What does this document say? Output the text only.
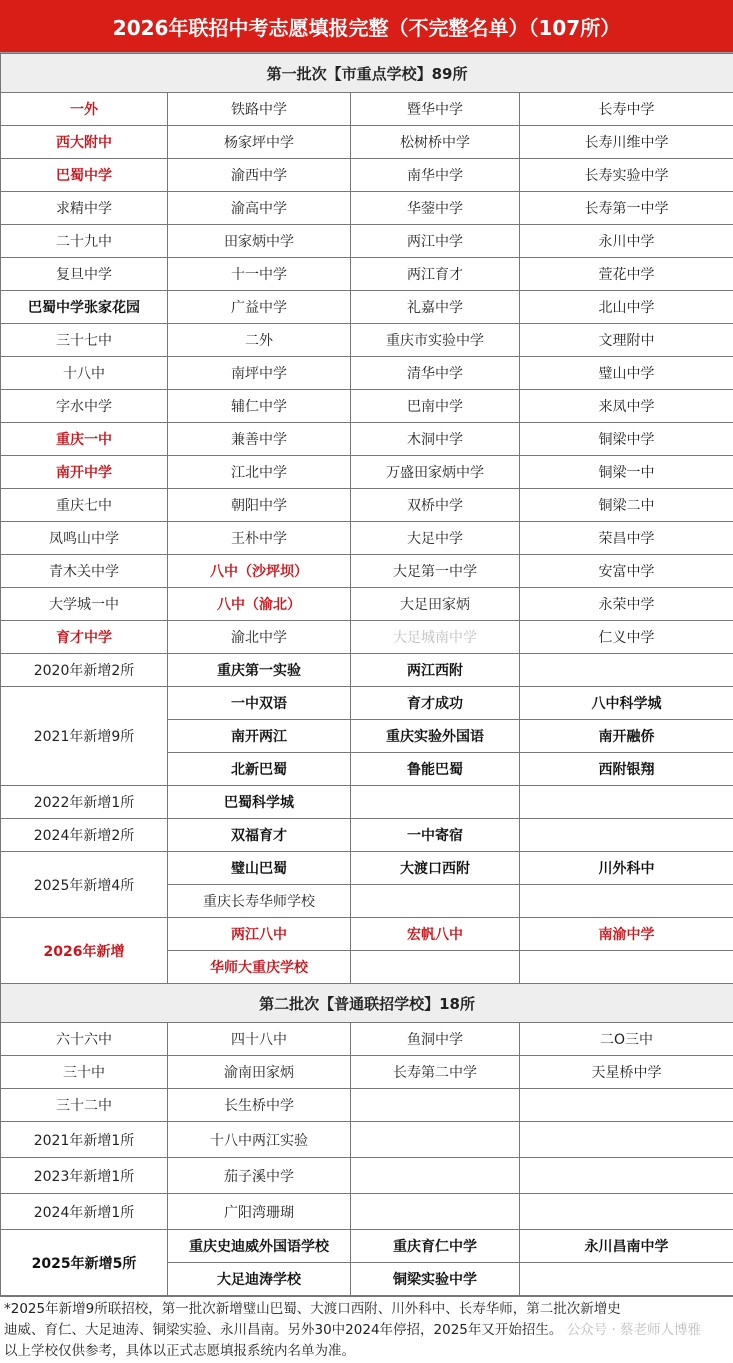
2026年联招中考志愿填报完整（不完整名单）（107所）
第一批次【市重点学校】89所			
一外	铁路中学	暨华中学	长寿中学
西大附中	杨家坪中学	松树桥中学	长寿川维中学
巴蜀中学	渝西中学	南华中学	长寿实验中学
求精中学	渝高中学	华蓥中学	长寿第一中学
二十九中	田家炳中学	两江中学	永川中学
复旦中学	十一中学	两江育才	萱花中学
巴蜀中学张家花园	广益中学	礼嘉中学	北山中学
三十七中	二外	重庆市实验中学	文理附中
十八中	南坪中学	清华中学	璧山中学
字水中学	辅仁中学	巴南中学	来凤中学
重庆一中	兼善中学	木洞中学	铜梁中学
南开中学	江北中学	万盛田家炳中学	铜梁一中
重庆七中	朝阳中学	双桥中学	铜梁二中
凤鸣山中学	王朴中学	大足中学	荣昌中学
青木关中学	八中（沙坪坝）	大足第一中学	安富中学
大学城一中	八中（渝北）	大足田家炳	永荣中学
育才中学	渝北中学	大足城南中学	仁义中学
2020年新增2所	重庆第一实验	两江西附	
2021年新增9所	一中双语	育才成功	八中科学城
	南开两江	重庆实验外国语	南开融侨
	北新巴蜀	鲁能巴蜀	西附银翔
2022年新增1所	巴蜀科学城		
2024年新增2所	双福育才	一中寄宿	
2025年新增4所	璧山巴蜀	大渡口西附	川外科中
	重庆长寿华师学校		
2026年新增	两江八中	宏帆八中	南渝中学
	华师大重庆学校		
第二批次【普通联招学校】18所			
六十六中	四十八中	鱼洞中学	二O三中
三十中	渝南田家炳	长寿第二中学	天星桥中学
三十二中	长生桥中学		
2021年新增1所	十八中两江实验		
2023年新增1所	茄子溪中学		
2024年新增1所	广阳湾珊瑚		
2025年新增5所	重庆史迪威外国语学校	重庆育仁中学	永川昌南中学
	大足迪涛学校	铜梁实验中学	

*2025年新增9所联招校，第一批次新增璧山巴蜀、大渡口西附、川外科中、长寿华师，第二批次新增史

迪威、育仁、大足迪涛、铜梁实验、永川昌南。另外30中2024年停招，2025年又开始招生。 公众号 · 蔡老师人博雅

以上学校仅供参考，具体以正式志愿填报系统内名单为准。
